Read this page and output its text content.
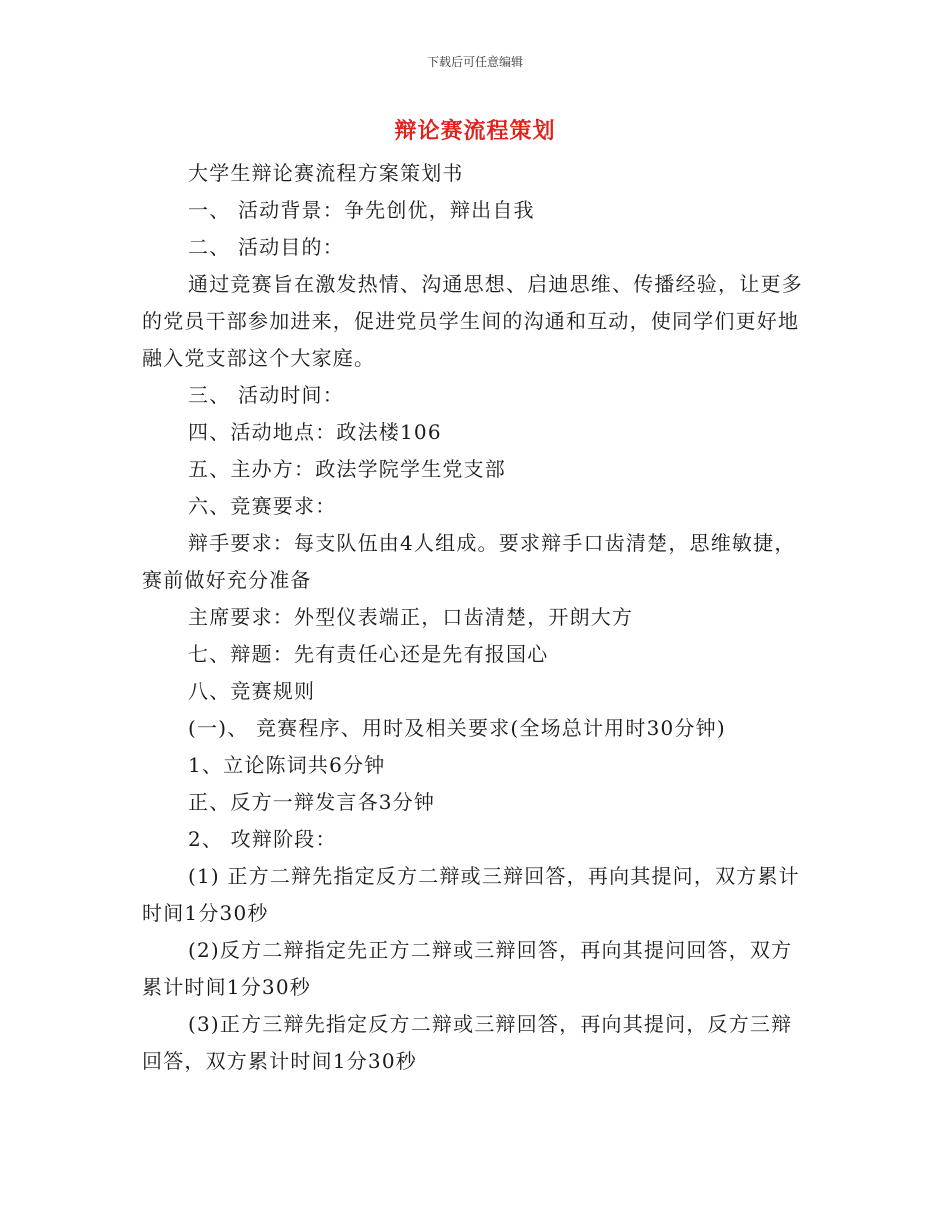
下载后可任意编辑
辩论赛流程策划

大学生辩论赛流程方案策划书

一、 活动背景：争先创优，辩出自我

二、 活动目的：

通过竞赛旨在激发热情、沟通思想、启迪思维、传播经验，让更多的党员干部参加进来，促进党员学生间的沟通和互动，使同学们更好地融入党支部这个大家庭。

三、 活动时间：

四、活动地点：政法楼106

五、主办方：政法学院学生党支部

六、竞赛要求：

辩手要求：每支队伍由4人组成。要求辩手口齿清楚，思维敏捷，赛前做好充分准备

主席要求：外型仪表端正，口齿清楚，开朗大方

七、辩题：先有责任心还是先有报国心

八、竞赛规则

(一)、 竞赛程序、用时及相关要求(全场总计用时30分钟)

1、立论陈词共6分钟

正、反方一辩发言各3分钟

2、 攻辩阶段：

(1) 正方二辩先指定反方二辩或三辩回答，再向其提问，双方累计时间1分30秒

(2)反方二辩指定先正方二辩或三辩回答，再向其提问回答，双方累计时间1分30秒

(3)正方三辩先指定反方二辩或三辩回答，再向其提问，反方三辩回答，双方累计时间1分30秒
